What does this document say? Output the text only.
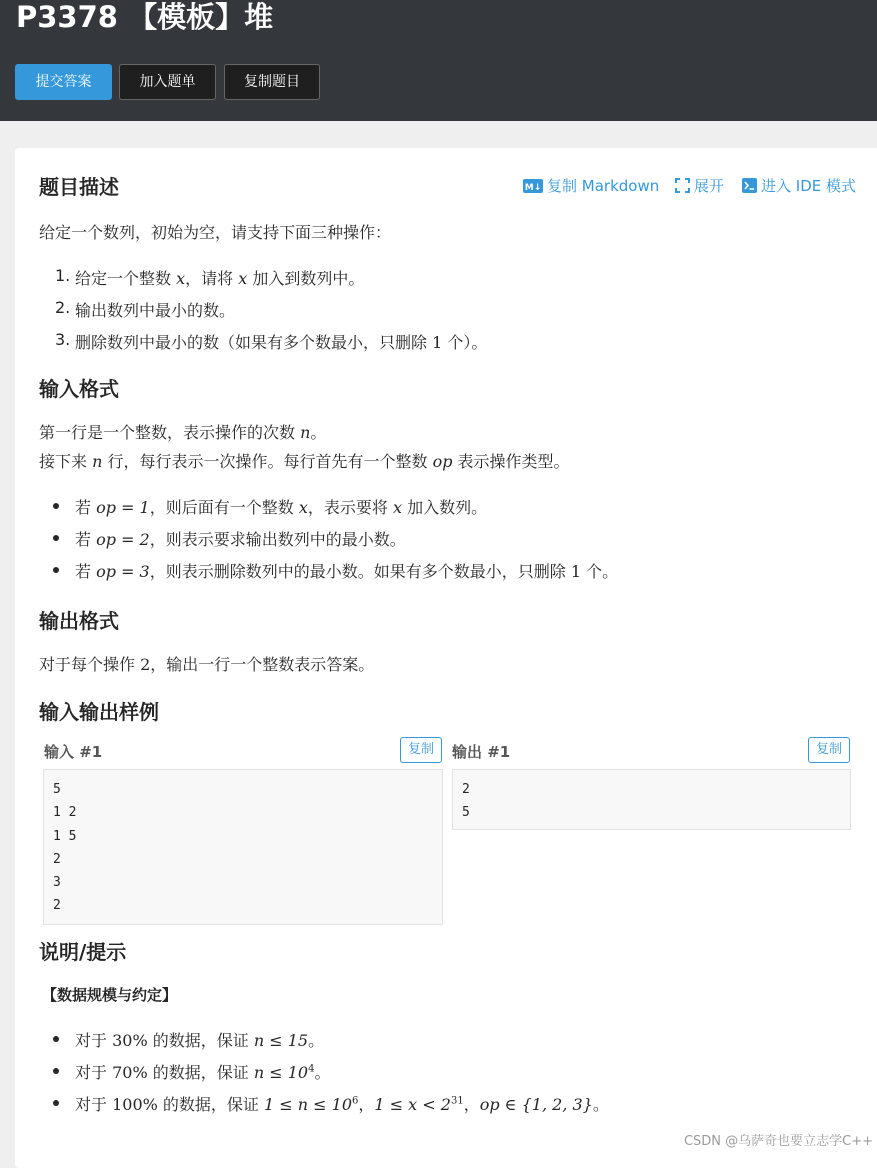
P3378 【模板】堆
提交答案	加入题单	复制题目
M↓ 复制 Markdown	展开	进入 IDE 模式
题目描述
给定一个数列，初始为空，请支持下面三种操作：
1. 给定一个整数 x，请将 x 加入到数列中。
2. 输出数列中最小的数。
3. 删除数列中最小的数（如果有多个数最小，只删除 1 个）。
输入格式
第一行是一个整数，表示操作的次数 n。
接下来 n 行，每行表示一次操作。每行首先有一个整数 op 表示操作类型。
若 op = 1，则后面有一个整数 x，表示要将 x 加入数列。
若 op = 2，则表示要求输出数列中的最小数。
若 op = 3，则表示删除数列中的最小数。如果有多个数最小，只删除 1 个。
输出格式
对于每个操作 2，输出一行一个整数表示答案。
输入输出样例
输入 #1	复制
5
1 2
1 5
2
3
2
输出 #1	复制
2
5
说明/提示
【数据规模与约定】
对于 30% 的数据，保证 n ≤ 15。
对于 70% 的数据，保证 $n \le 10^4$。
对于 100% 的数据，保证 $1 \le n \le 10^6$，$1 \le x < 2^{31}$，op ∈ {1, 2, 3}。
CSDN @乌萨奇也要立志学C++
